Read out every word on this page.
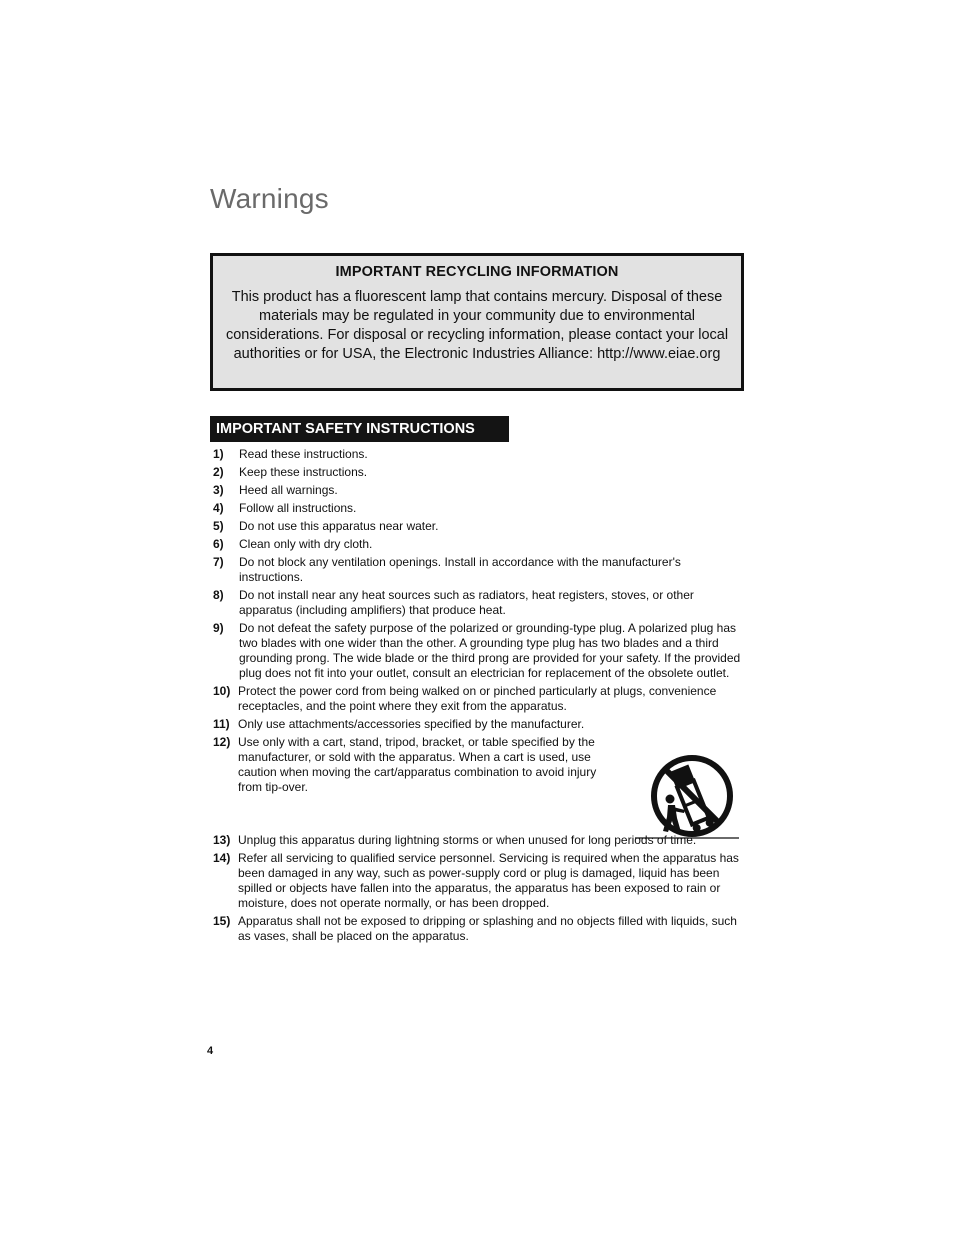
Warnings
IMPORTANT RECYCLING INFORMATION
This product has a fluorescent lamp that contains mercury. Disposal of these materials may be regulated in your community due to environmental considerations. For disposal or recycling information, please contact your local authorities or for USA, the Electronic Industries Alliance: http://www.eiae.org
IMPORTANT SAFETY INSTRUCTIONS
1)	Read these instructions.
2)	Keep these instructions.
3)	Heed all warnings.
4)	Follow all instructions.
5)	Do not use this apparatus near water.
6)	Clean only with dry cloth.
7)	Do not block any ventilation openings. Install in accordance with the manufacturer's instructions.
8)	Do not install near any heat sources such as radiators, heat registers, stoves, or other apparatus (including amplifiers) that produce heat.
9)	Do not defeat the safety purpose of the polarized or grounding-type plug. A polarized plug has two blades with one wider than the other. A grounding type plug has two blades and a third grounding prong. The wide blade or the third prong are provided for your safety. If the provided plug does not fit into your outlet, consult an electrician for replacement of the obsolete outlet.
10) Protect the power cord from being walked on or pinched particularly at plugs, convenience receptacles, and the point where they exit from the apparatus.
11) Only use attachments/accessories specified by the manufacturer.
12) Use only with a cart, stand, tripod, bracket, or table specified by the manufacturer, or sold with the apparatus. When a cart is used, use caution when moving the cart/apparatus combination to avoid injury from tip-over.
13) Unplug this apparatus during lightning storms or when unused for long periods of time.
14) Refer all servicing to qualified service personnel. Servicing is required when the apparatus has been damaged in any way, such as power-supply cord or plug is damaged, liquid has been spilled or objects have fallen into the apparatus, the apparatus has been exposed to rain or moisture, does not operate normally, or has been dropped.
15) Apparatus shall not be exposed to dripping or splashing and no objects filled with liquids, such as vases, shall be placed on the apparatus.
4
